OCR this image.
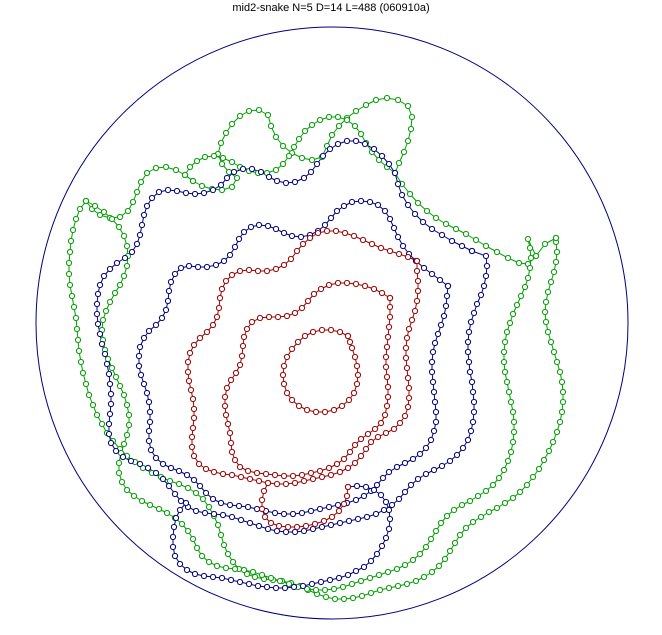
mid2-snake N=5 D=14 L=488 (060910a)
